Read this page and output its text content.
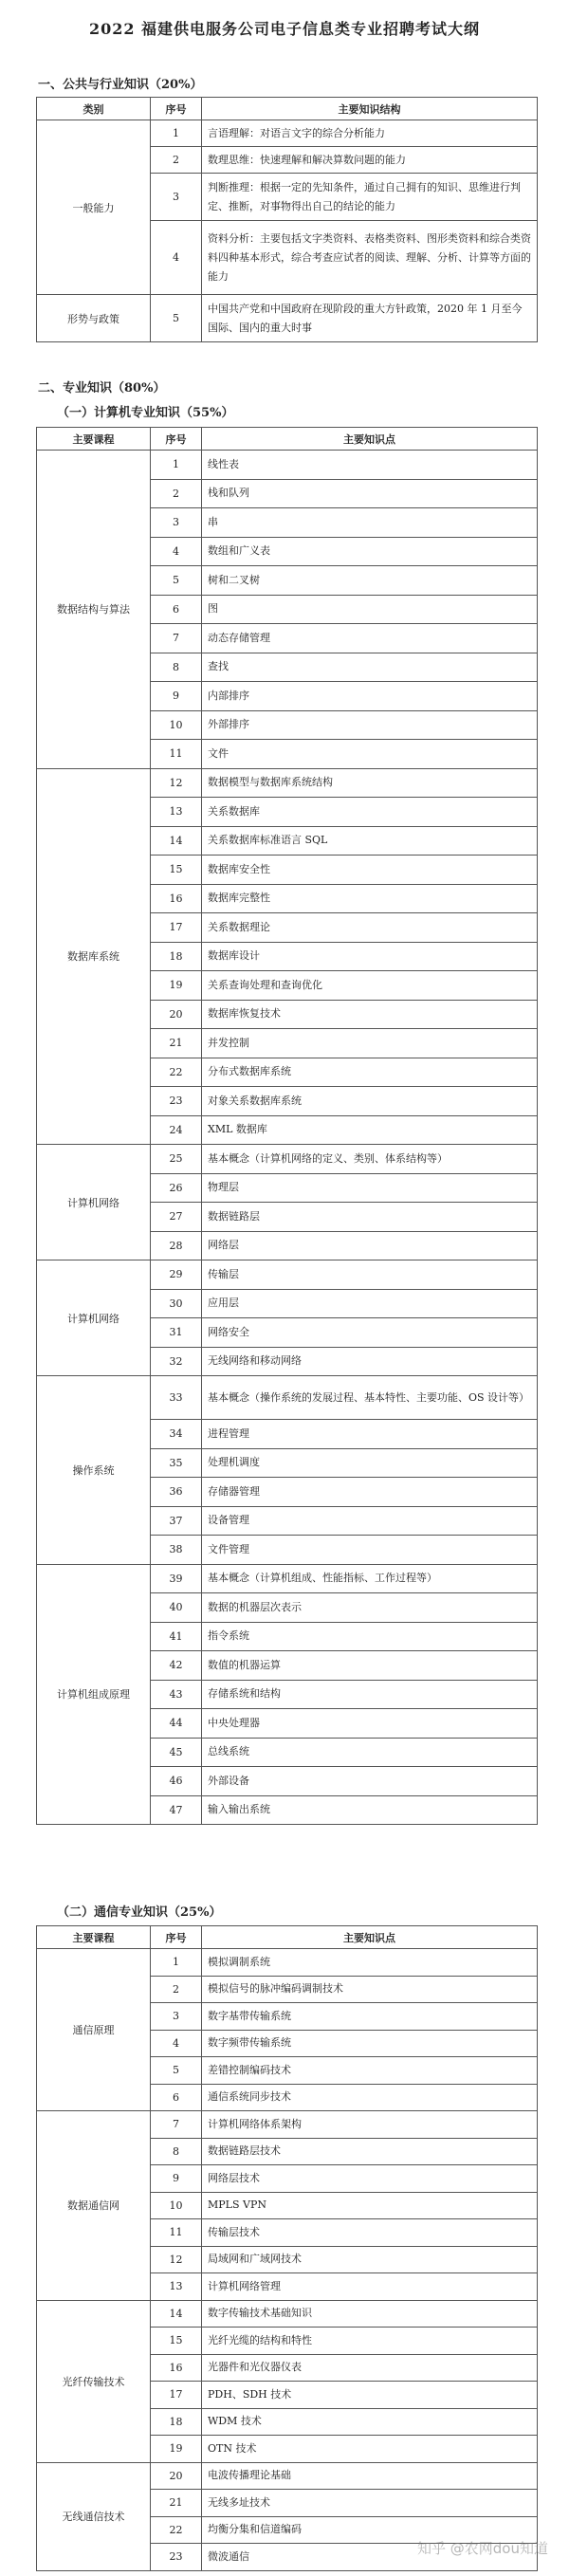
2022 福建供电服务公司电子信息类专业招聘考试大纲
一、公共与行业知识（20%）
类别	序号	主要知识结构
一般能力	1	言语理解：对语言文字的综合分析能力
	2	数理思维：快速理解和解决算数问题的能力
	3	判断推理：根据一定的先知条件，通过自己拥有的知识、思维进行判定、推断，对事物得出自己的结论的能力
	4	资料分析：主要包括文字类资料、表格类资料、图形类资料和综合类资料四种基本形式，综合考查应试者的阅读、理解、分析、计算等方面的能力
形势与政策	5	中国共产党和中国政府在现阶段的重大方针政策，2020 年 1 月至今国际、国内的重大时事
二、专业知识（80%）
（一）计算机专业知识（55%）
主要课程	序号	主要知识点
数据结构与算法	1	线性表
	2	栈和队列
	3	串
	4	数组和广义表
	5	树和二叉树
	6	图
	7	动态存储管理
	8	查找
	9	内部排序
	10	外部排序
	11	文件
数据库系统	12	数据模型与数据库系统结构
	13	关系数据库
	14	关系数据库标准语言 SQL
	15	数据库安全性
	16	数据库完整性
	17	关系数据理论
	18	数据库设计
	19	关系查询处理和查询优化
	20	数据库恢复技术
	21	并发控制
	22	分布式数据库系统
	23	对象关系数据库系统
	24	XML 数据库
计算机网络	25	基本概念（计算机网络的定义、类别、体系结构等）
	26	物理层
	27	数据链路层
	28	网络层
计算机网络	29	传输层
	30	应用层
	31	网络安全
	32	无线网络和移动网络
操作系统	33	基本概念（操作系统的发展过程、基本特性、主要功能、OS 设计等）
	34	进程管理
	35	处理机调度
	36	存储器管理
	37	设备管理
	38	文件管理
计算机组成原理	39	基本概念（计算机组成、性能指标、工作过程等）
	40	数据的机器层次表示
	41	指令系统
	42	数值的机器运算
	43	存储系统和结构
	44	中央处理器
	45	总线系统
	46	外部设备
	47	输入输出系统
（二）通信专业知识（25%）
主要课程	序号	主要知识点
通信原理	1	模拟调制系统
	2	模拟信号的脉冲编码调制技术
	3	数字基带传输系统
	4	数字频带传输系统
	5	差错控制编码技术
	6	通信系统同步技术
数据通信网	7	计算机网络体系架构
	8	数据链路层技术
	9	网络层技术
	10	MPLS VPN
	11	传输层技术
	12	局域网和广域网技术
	13	计算机网络管理
光纤传输技术	14	数字传输技术基础知识
	15	光纤光缆的结构和特性
	16	光器件和光仪器仪表
	17	PDH、SDH 技术
	18	WDM 技术
	19	OTN 技术
无线通信技术	20	电波传播理论基础
	21	无线多址技术
	22	均衡分集和信道编码
	23	微波通信	知乎 @农网dou知道
